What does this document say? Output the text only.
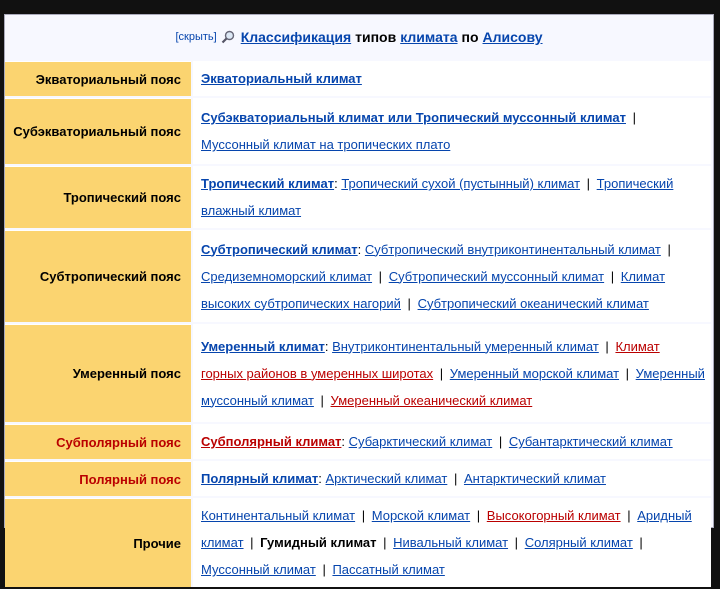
[скрыть] Классификация типов климата по Алисову
Экваториальный пояс	Экваториальный климат
Субэкваториальный пояс	Субэкваториальный климат или Тропический муссонный климат | Муссонный климат на тропических плато
Тропический пояс	Тропический климат: Тропический сухой (пустынный) климат | Тропический влажный климат
Субтропический пояс	Субтропический климат: Субтропический внутриконтинентальный климат | Средиземноморский климат | Субтропический муссонный климат | Климат высоких субтропических нагорий | Субтропический океанический климат
Умеренный пояс	Умеренный климат: Внутриконтинентальный умеренный климат | Климат горных районов в умеренных широтах | Умеренный морской климат | Умеренный муссонный климат | Умеренный океанический климат
Субполярный пояс	Субполярный климат: Субарктический климат | Субантарктический климат
Полярный пояс	Полярный климат: Арктический климат | Антарктический климат
Прочие	Континентальный климат | Морской климат | Высокогорный климат | Аридный климат | Гумидный климат | Нивальный климат | Солярный климат | Муссонный климат | Пассатный климат
